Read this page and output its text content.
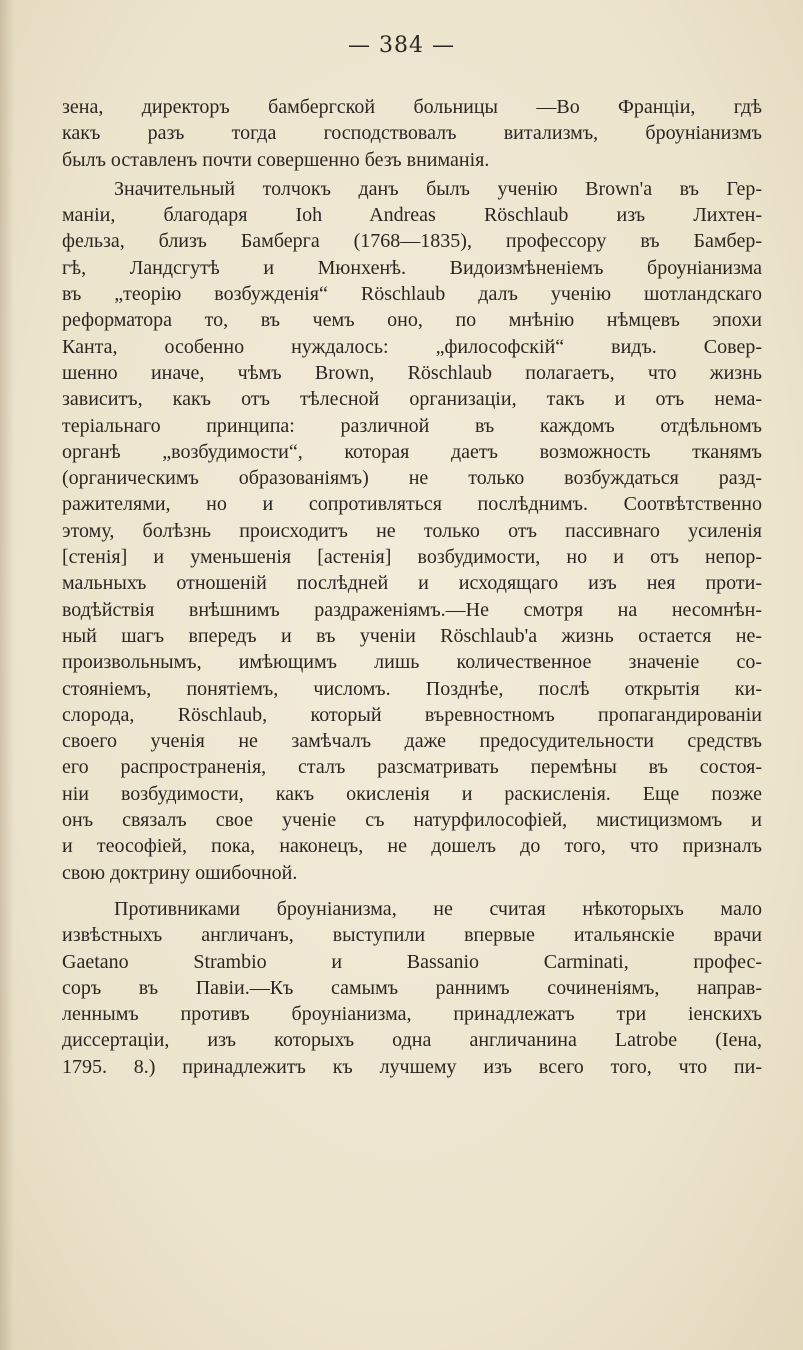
— 384 —
зена, директоръ бамбергской больницы —Во Франціи, гдѣ
какъ разъ тогда господствовалъ витализмъ, броуніанизмъ
былъ оставленъ почти совершенно безъ вниманія.
Значительный толчокъ данъ былъ ученію Brown'а въ Гер-
маніи, благодаря Ioh Andreas Röschlaub изъ Лихтен-
фельза, близъ Бамберга (1768—1835), профессору въ Бамбер-
гѣ, Ландсгутѣ и Мюнхенѣ. Видоизмѣненіемъ броуніанизма
въ „теорію возбужденія“ Röschlaub далъ ученію шотландскаго
реформатора то, въ чемъ оно, по мнѣнію нѣмцевъ эпохи
Канта, особенно нуждалось: „философскій“ видъ. Совер-
шенно иначе, чѣмъ Brown, Röschlaub полагаетъ, что жизнь
зависитъ, какъ отъ тѣлесной организаціи, такъ и отъ нема-
теріальнаго принципа: различной въ каждомъ отдѣльномъ
органѣ „возбудимости“, которая даетъ возможность тканямъ
(органическимъ образованіямъ) не только возбуждаться разд-
ражителями, но и сопротивляться послѣднимъ. Соотвѣтственно
этому, болѣзнь происходитъ не только отъ пассивнаго усиленія
[стенія] и уменьшенія [астенія] возбудимости, но и отъ непор-
мальныхъ отношеній послѣдней и исходящаго изъ нея проти-
водѣйствія внѣшнимъ раздраженіямъ.—Не смотря на несомнѣн-
ный шагъ впередъ и въ ученіи Röschlaub'а жизнь остается не-
произвольнымъ, имѣющимъ лишь количественное значеніе со-
стояніемъ, понятіемъ, числомъ. Позднѣе, послѣ открытія ки-
слорода, Röschlaub, который въревностномъ пропагандированіи
своего ученія не замѣчалъ даже предосудительности средствъ
его распространенія, сталъ разсматривать перемѣны въ состоя-
ніи возбудимости, какъ окисленія и раскисленія. Еще позже
онъ связалъ свое ученіе съ натурфилософіей, мистицизмомъ и
и теософіей, пока, наконецъ, не дошелъ до того, что призналъ
свою доктрину ошибочной.
Противниками броуніанизма, не считая нѣкоторыхъ мало
извѣстныхъ англичанъ, выступили впервые итальянскіе врачи
Gaetano Strambio и Bassanio Carminati, профес-
соръ въ Павіи.—Къ самымъ раннимъ сочиненіямъ, направ-
леннымъ противъ броуніанизма, принадлежатъ три іенскихъ
диссертаціи, изъ которыхъ одна англичанина Latrobe (Іена,
1795. 8.) принадлежитъ къ лучшему изъ всего того, что пи-
